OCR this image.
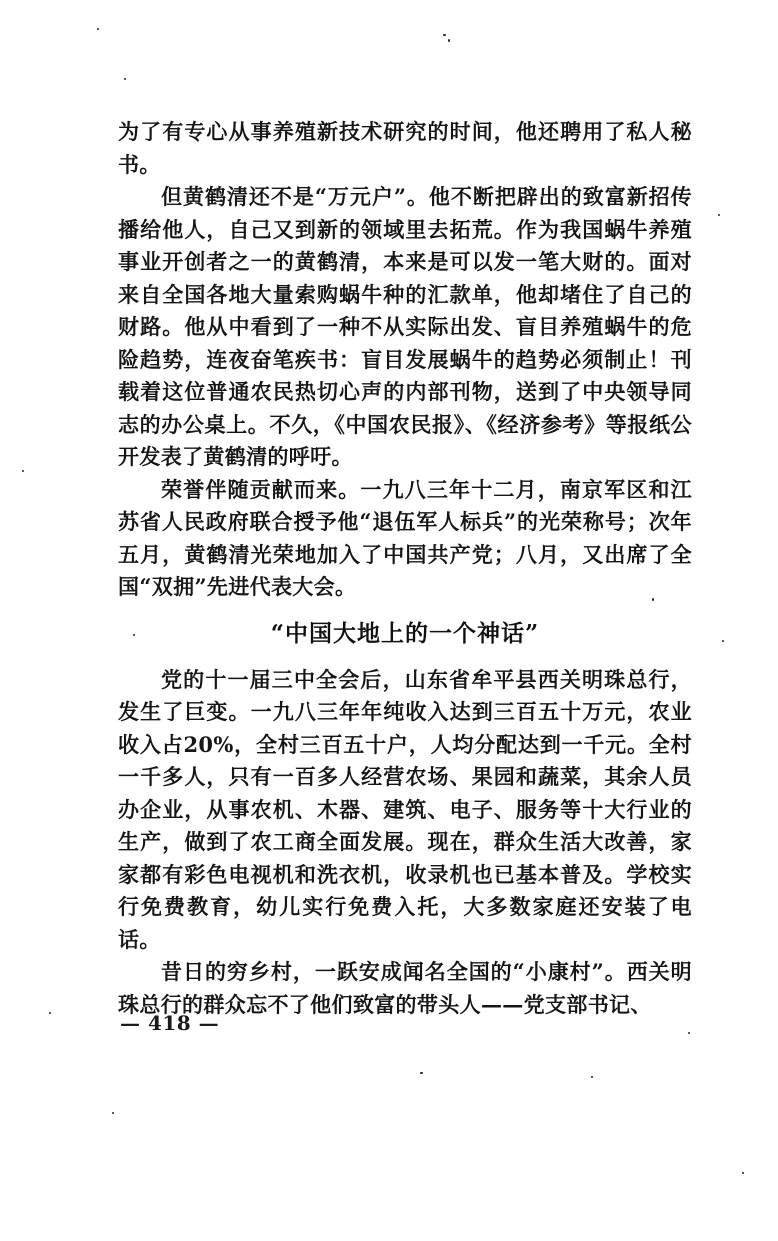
为了有专心从事养殖新技术研究的时间，他还聘用了私人秘书。

但黄鹤清还不是“万元户”。他不断把辟出的致富新招传播给他人，自己又到新的领域里去拓荒。作为我国蜗牛养殖事业开创者之一的黄鹤清，本来是可以发一笔大财的。面对来自全国各地大量索购蜗牛种的汇款单，他却堵住了自己的财路。他从中看到了一种不从实际出发、盲目养殖蜗牛的危险趋势，连夜奋笔疾书：盲目发展蜗牛的趋势必须制止！刊载着这位普通农民热切心声的内部刊物，送到了中央领导同志的办公桌上。不久，《中国农民报》、《经济参考》等报纸公开发表了黄鹤清的呼吁。

荣誉伴随贡献而来。一九八三年十二月，南京军区和江苏省人民政府联合授予他“退伍军人标兵”的光荣称号；次年五月，黄鹤清光荣地加入了中国共产党；八月，又出席了全国“双拥”先进代表大会。

“中国大地上的一个神话”

党的十一届三中全会后，山东省牟平县西关明珠总行，发生了巨变。一九八三年年纯收入达到三百五十万元，农业收入占20%，全村三百五十户，人均分配达到一千元。全村一千多人，只有一百多人经营农场、果园和蔬菜，其余人员办企业，从事农机、木器、建筑、电子、服务等十大行业的生产，做到了农工商全面发展。现在，群众生活大改善，家家都有彩色电视机和洗衣机，收录机也已基本普及。学校实行免费教育，幼儿实行免费入托，大多数家庭还安装了电话。

昔日的穷乡村，一跃安成闻名全国的“小康村”。西关明珠总行的群众忘不了他们致富的带头人——党支部书记、

— 418 —
